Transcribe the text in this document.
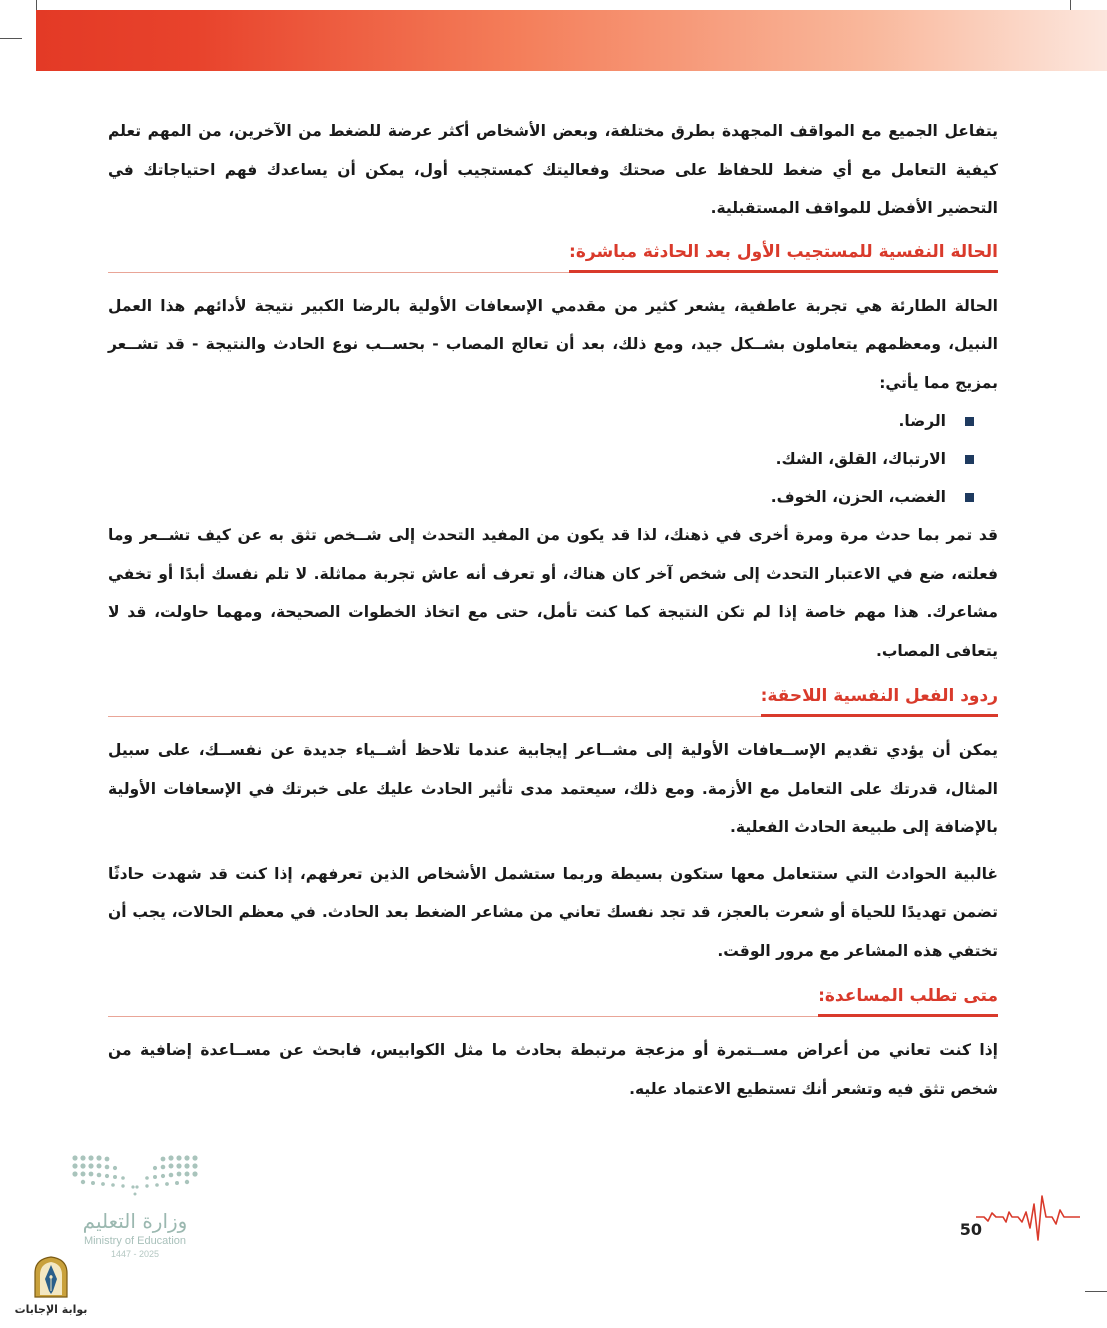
يتفاعل الجميع مع المواقف المجهدة بطرق مختلفة، وبعض الأشخاص أكثر عرضة للضغط من الآخرين، من المهم تعلم كيفية التعامل مع أي ضغط للحفاظ على صحتك وفعاليتك كمستجيب أول، يمكن أن يساعدك فهم احتياجاتك في التحضير الأفضل للمواقف المستقبلية.

الحالة النفسية للمستجيب الأول بعد الحادثة مباشرة:

الحالة الطارئة هي تجربة عاطفية، يشعر كثير من مقدمي الإسعافات الأولية بالرضا الكبير نتيجة لأدائهم هذا العمل النبيل، ومعظمهم يتعاملون بشــكل جيد، ومع ذلك، بعد أن تعالج المصاب - بحســب نوع الحادث والنتيجة - قد تشــعر بمزيج مما يأتي:

الرضا.
الارتباك، القلق، الشك.
الغضب، الحزن، الخوف.

قد تمر بما حدث مرة ومرة أخرى في ذهنك، لذا قد يكون من المفيد التحدث إلى شــخص تثق به عن كيف تشــعر وما فعلته، ضع في الاعتبار التحدث إلى شخص آخر كان هناك، أو تعرف أنه عاش تجربة مماثلة. لا تلم نفسك أبدًا أو تخفي مشاعرك. هذا مهم خاصة إذا لم تكن النتيجة كما كنت تأمل، حتى مع اتخاذ الخطوات الصحيحة، ومهما حاولت، قد لا يتعافى المصاب.

ردود الفعل النفسية اللاحقة:

يمكن أن يؤدي تقديم الإســعافات الأولية إلى مشــاعر إيجابية عندما تلاحظ أشــياء جديدة عن نفســك، على سبيل المثال، قدرتك على التعامل مع الأزمة. ومع ذلك، سيعتمد مدى تأثير الحادث عليك على خبرتك في الإسعافات الأولية بالإضافة إلى طبيعة الحادث الفعلية.

غالبية الحوادث التي ستتعامل معها ستكون بسيطة وربما ستشمل الأشخاص الذين تعرفهم، إذا كنت قد شهدت حادثًا تضمن تهديدًا للحياة أو شعرت بالعجز، قد تجد نفسك تعاني من مشاعر الضغط بعد الحادث. في معظم الحالات، يجب أن تختفي هذه المشاعر مع مرور الوقت.

متى تطلب المساعدة:

إذا كنت تعاني من أعراض مســتمرة أو مزعجة مرتبطة بحادث ما مثل الكوابيس، فابحث عن مســاعدة إضافية من شخص تثق فيه وتشعر أنك تستطيع الاعتماد عليه.

50
وزارة التعليم
Ministry of Education
2025 - 1447
بوابة الإجابات
